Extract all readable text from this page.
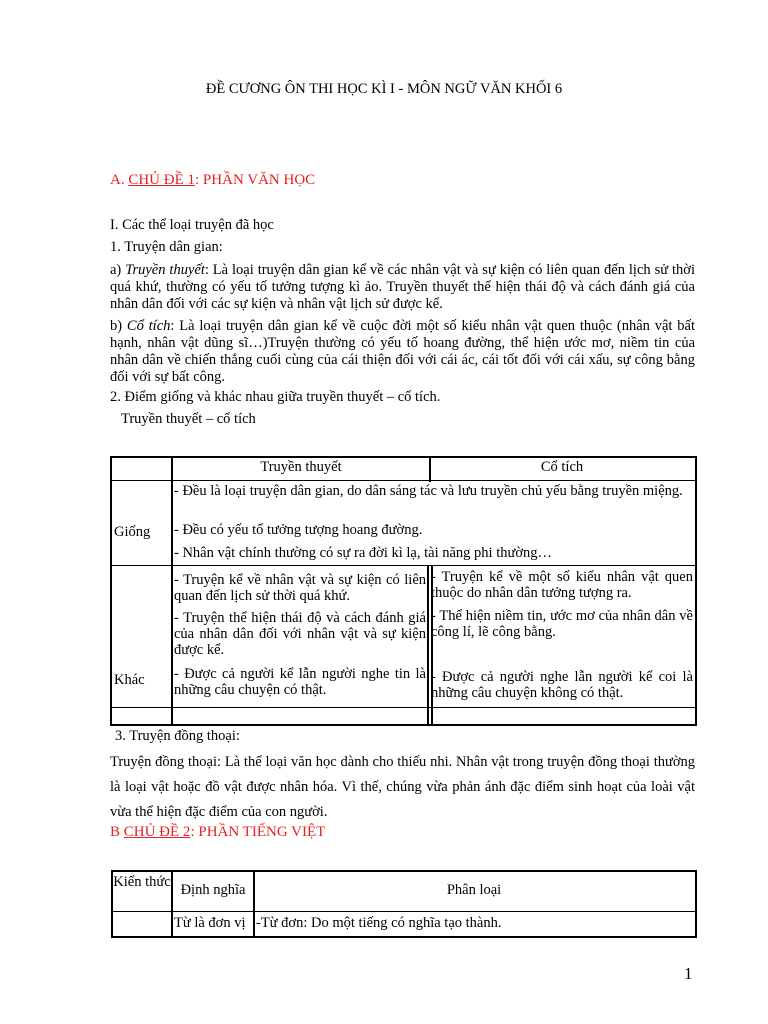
ĐỀ CƯƠNG ÔN THI HỌC KÌ I - MÔN NGỮ VĂN KHỐI 6
A. CHỦ ĐỀ 1: PHẦN VĂN HỌC
I. Các thể loại truyện đã học
1. Truyện dân gian:
a) Truyền thuyết: Là loại truyện dân gian kể về các nhân vật và sự kiện có liên quan đến lịch sử thời quá khứ, thường có yếu tố tưởng tượng kì ảo. Truyền thuyết thể hiện thái độ và cách đánh giá của nhân dân đối với các sự kiện và nhân vật lịch sử được kể.
b) Cổ tích: Là loại truyện dân gian kể về cuộc đời một số kiểu nhân vật quen thuộc (nhân vật bất hạnh, nhân vật dũng sĩ…)Truyện thường có yếu tố hoang đường, thể hiện ước mơ, niềm tin của nhân dân về chiến thắng cuối cùng của cái thiện đối với cái ác, cái tốt đối với cái xấu, sự công bằng đối với sự bất công.
2. Điểm giống và khác nhau giữa truyền thuyết – cổ tích.
Truyền thuyết – cổ tích
Truyền thuyết	Cổ tích
Giống
- Đều là loại truyện dân gian, do dân sáng tác và lưu truyền chủ yếu bằng truyền miệng.
- Đều có yếu tố tưởng tượng hoang đường.
- Nhân vật chính thường có sự ra đời kì lạ, tài năng phi thường…
Khác
- Truyện kể về nhân vật và sự kiện có liên quan đến lịch sử thời quá khứ.
- Truyện thể hiện thái độ và cách đánh giá của nhân dân đối với nhân vật và sự kiện được kể.
- Được cả người kể lẫn người nghe tin là những câu chuyện có thật.
- Truyện kể về một số kiểu nhân vật quen thuộc do nhân dân tưởng tượng ra.
- Thể hiện niềm tin, ước mơ của nhân dân về công lí, lẽ công bằng.
- Được cả người nghe lẫn người kể coi là những câu chuyện không có thật.
3. Truyện đồng thoại:
Truyện đồng thoại: Là thể loại văn học dành cho thiếu nhi. Nhân vật trong truyện đồng thoại thường là loại vật hoặc đồ vật được nhân hóa. Vì thế, chúng vừa phản ánh đặc điểm sinh hoạt của loài vật vừa thể hiện đặc điểm của con người.
B CHỦ ĐỀ 2: PHẦN TIẾNG VIỆT
Kiến thức Định nghĩa	Phân loại
Từ là đơn vị -Từ đơn: Do một tiếng có nghĩa tạo thành.
1
